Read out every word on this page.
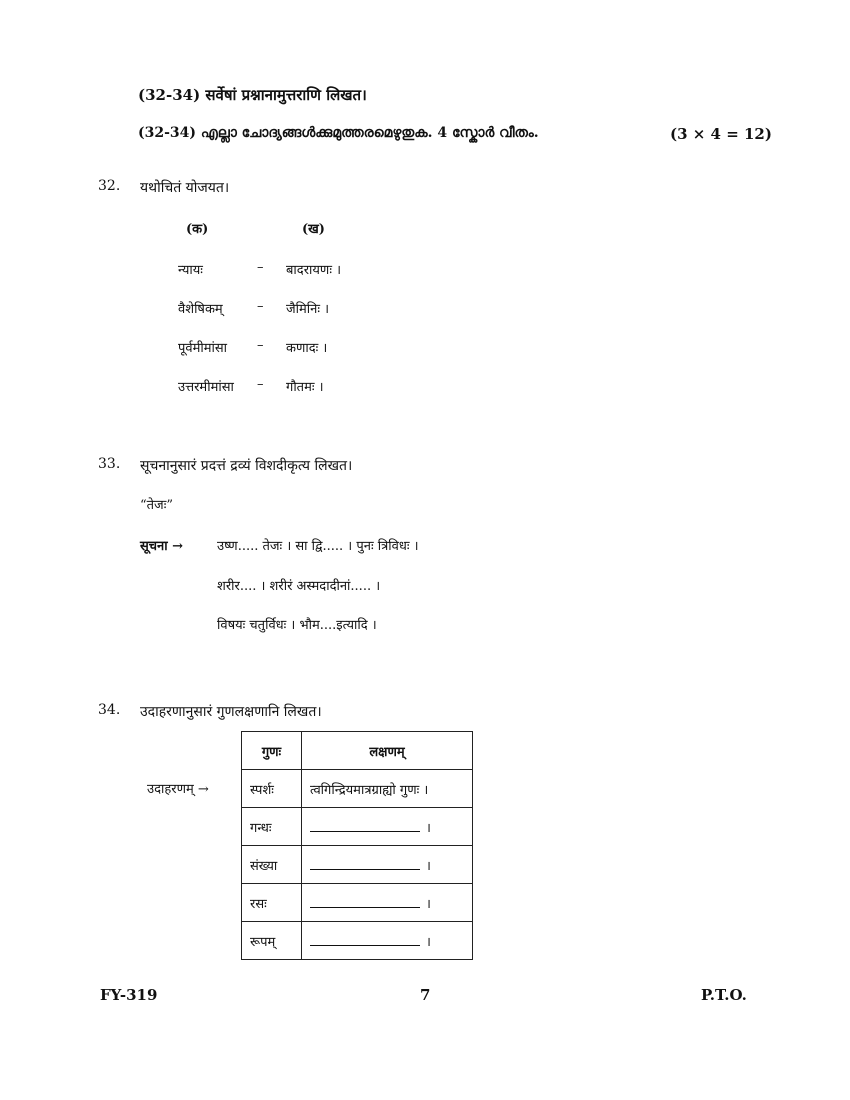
(32-34) सर्वेषां प्रश्नानामुत्तराणि लिखत।
(32-34) എല്ലാ ചോദ്യങ്ങൾക്കുമുത്തരമെഴുതുക. 4 സ്കോർ വീതം.	(3 × 4 = 12)
32. यथोचितं योजयत।
(क)	(ख)
न्यायः	– बादरायणः ।
वैशेषिकम्	– जैमिनिः ।
पूर्वमीमांसा – कणादः ।
उत्तरमीमांसा – गौतमः ।
33. सूचनानुसारं प्रदत्तं द्रव्यं विशदीकृत्य लिखत।
“तेजः”
सूचना →	उष्ण..... तेजः । सा द्वि..... । पुनः त्रिविधः ।
शरीर.... । शरीरं अस्मदादीनां..... ।
विषयः चतुर्विधः । भौम....इत्यादि ।
34. उदाहरणानुसारं गुणलक्षणानि लिखत।
उदाहरणम् →
गुणः	लक्षणम्
स्पर्शः	त्वगिन्द्रियमात्रग्राह्यो गुणः ।
गन्धः	।
संख्या	।
रसः	।
रूपम्	।
FY-319	7	P.T.O.
